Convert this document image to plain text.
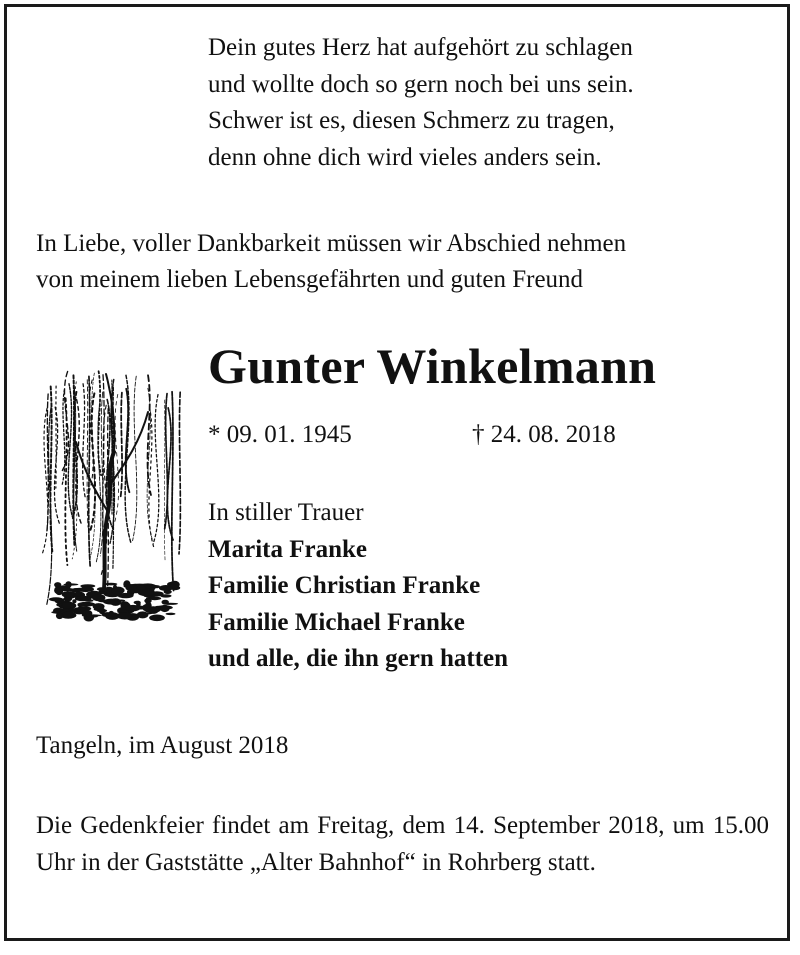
Dein gutes Herz hat aufgehört zu schlagen
und wollte doch so gern noch bei uns sein.
Schwer ist es, diesen Schmerz zu tragen,
denn ohne dich wird vieles anders sein.
In Liebe, voller Dankbarkeit müssen wir Abschied nehmen
von meinem lieben Lebensgefährten und guten Freund
Gunter Winkelmann
* 09. 01. 1945	† 24. 08. 2018
In stiller Trauer
Marita Franke
Familie Christian Franke
Familie Michael Franke
und alle, die ihn gern hatten
Tangeln, im August 2018
Die Gedenkfeier findet am Freitag, dem 14. September 2018, um 15.00 Uhr in der Gaststätte „Alter Bahnhof“ in Rohrberg statt.
